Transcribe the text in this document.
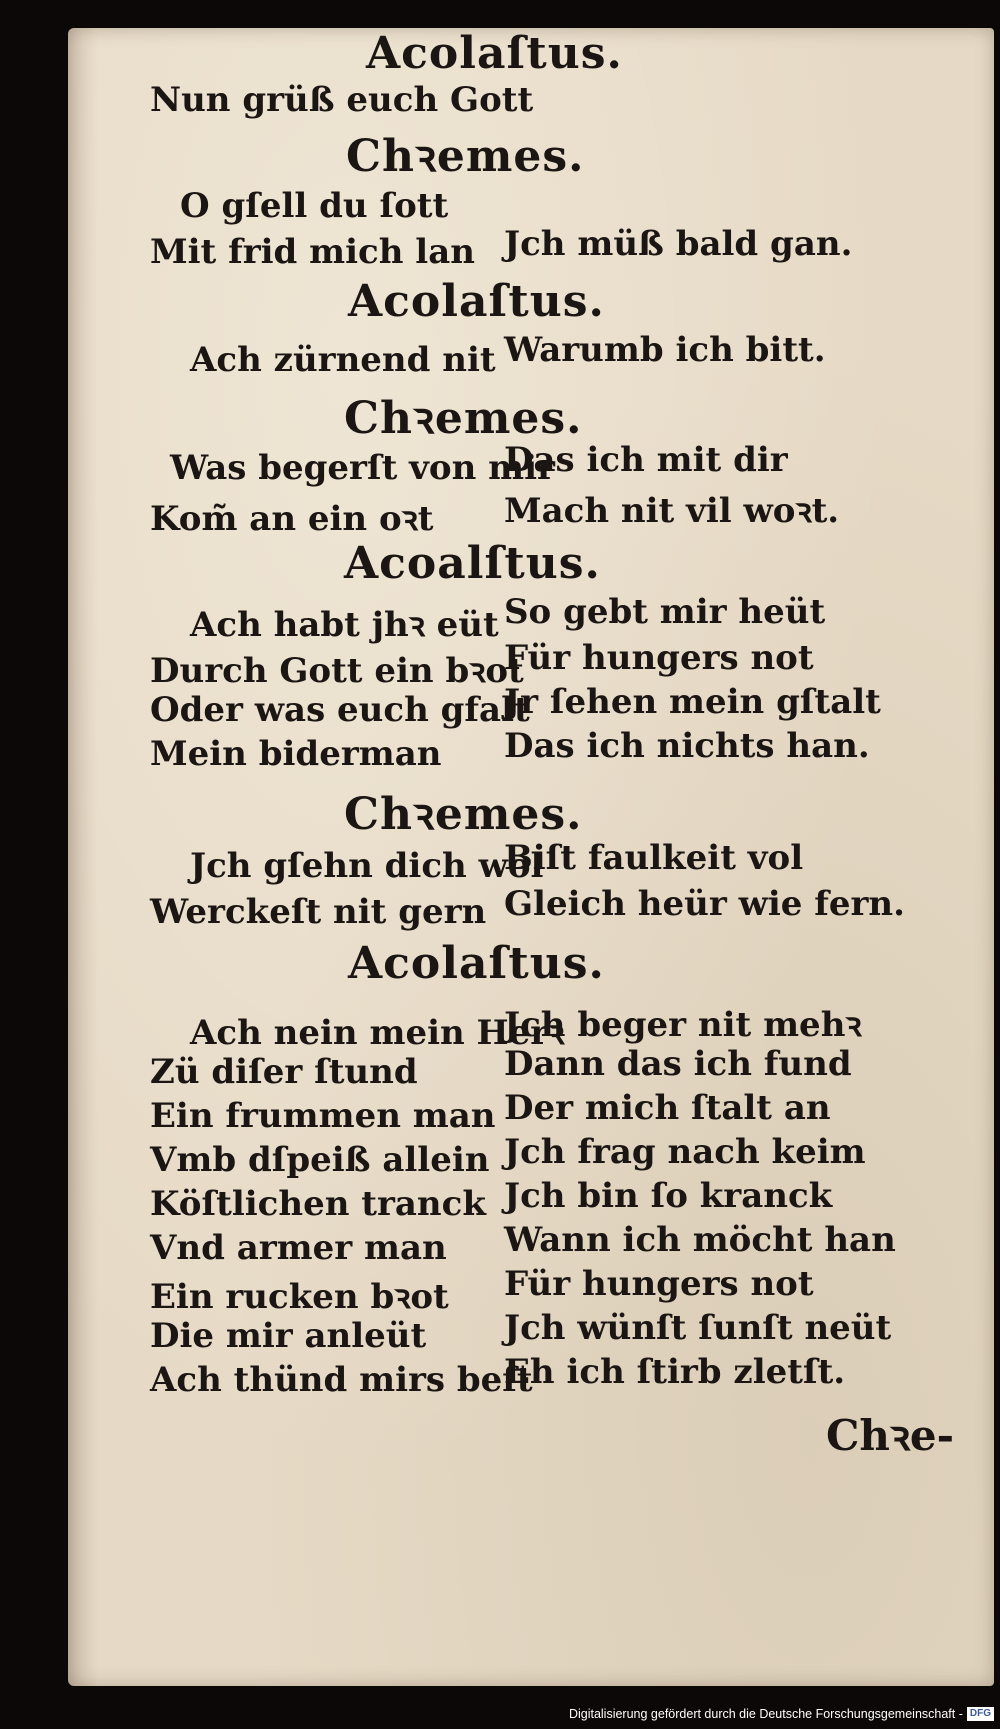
Acolaſtus.
Nun grüß euch Gott
Chꝛemes.
O gſell du ſott
Mit frid mich lan Jch müß bald gan.
Acolaſtus.
Ach zürnend nit Warumb ich bitt.
Chꝛemes.
Was begerſt von mir
Das ich mit dir
Kom̃ an ein oꝛt Mach nit vil woꝛt.
Acoalſtus.
Ach habt jhꝛ eüt So gebt mir heüt
Durch Gott ein bꝛot
Für hungers not
Oder was euch gfalt
Jr ſehen mein gſtalt
Mein biderman Das ich nichts han.
Chꝛemes.
Jch gſehn dich wol
Biſt faulkeit vol
Werckeſt nit gern Gleich heür wie fern.
Acolaſtus.
Ach nein mein Herꝛ
Jch beger nit mehꝛ
Zü diſer ſtund	Dann das ich fund
Ein frummen man Der mich ſtalt an
Vmb dſpeiß allein Jch frag nach keim
Köſtlichen tranck Jch bin ſo kranck
Vnd armer man Wann ich möcht han
Ein rucken bꝛot Für hungers not
Die mir anleüt Jch wünſt ſunſt neüt
Ach thünd mirs beſt
Eh ich ſtirb zletſt.
Chꝛe-
Digitalisierung gefördert durch die Deutsche Forschungsgemeinschaft - DFG
